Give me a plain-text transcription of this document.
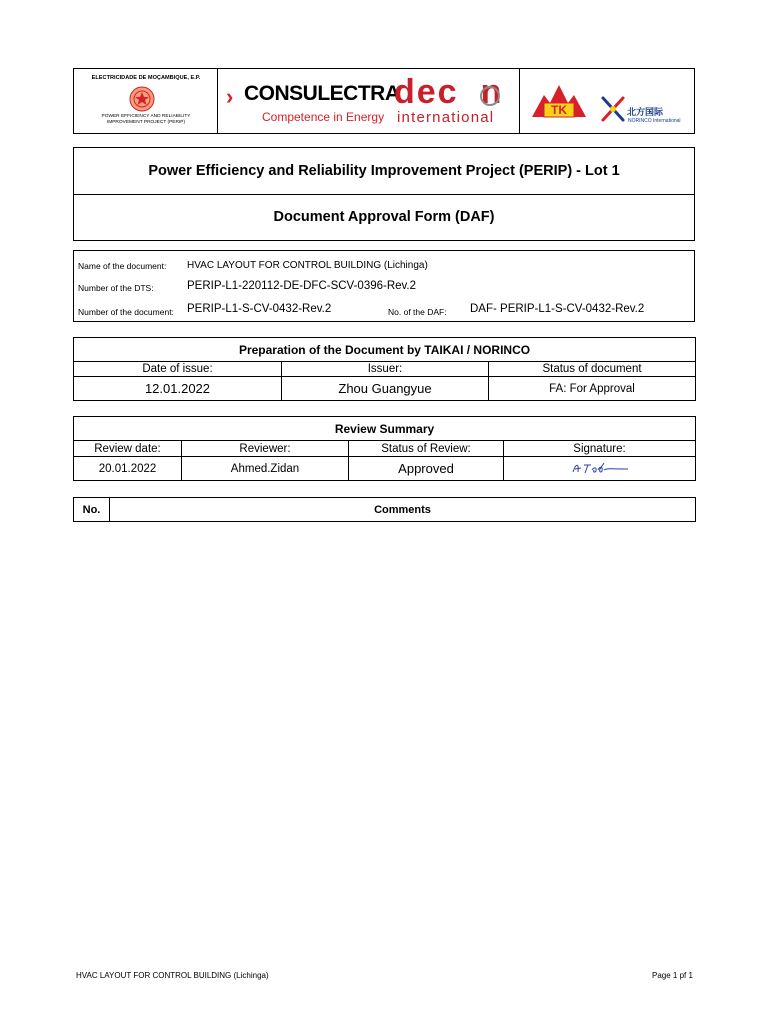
ELECTRICIDADE DE MOÇAMBIQUE, E.P.
POWER EFFICIENCY AND RELIABILITY
IMPROVEMENT PROJECT (PERIP)
› CONSULECTRA
Competence in Energy
dec n
international	TK	北方国际
NORINCO International
Power Efficiency and Reliability Improvement Project (PERIP) - Lot 1
Document Approval Form (DAF)
Name of the document: HVAC LAYOUT FOR CONTROL BUILDING (Lichinga)
Number of the DTS:	PERIP-L1-220112-DE-DFC-SCV-0396-Rev.2
Number of the document: PERIP-L1-S-CV-0432-Rev.2	No. of the DAF: DAF- PERIP-L1-S-CV-0432-Rev.2
Preparation of the Document by TAIKAI / NORINCO		
Date of issue:	Issuer:	Status of document
12.01.2022	Zhou Guangyue	FA: For Approval
Review Summary			
Review date:	Reviewer:	Status of Review:	Signature:
20.01.2022	Ahmed.Zidan	Approved	
No.	Comments
HVAC LAYOUT FOR CONTROL BUILDING (Lichinga)	Page 1 pf 1
